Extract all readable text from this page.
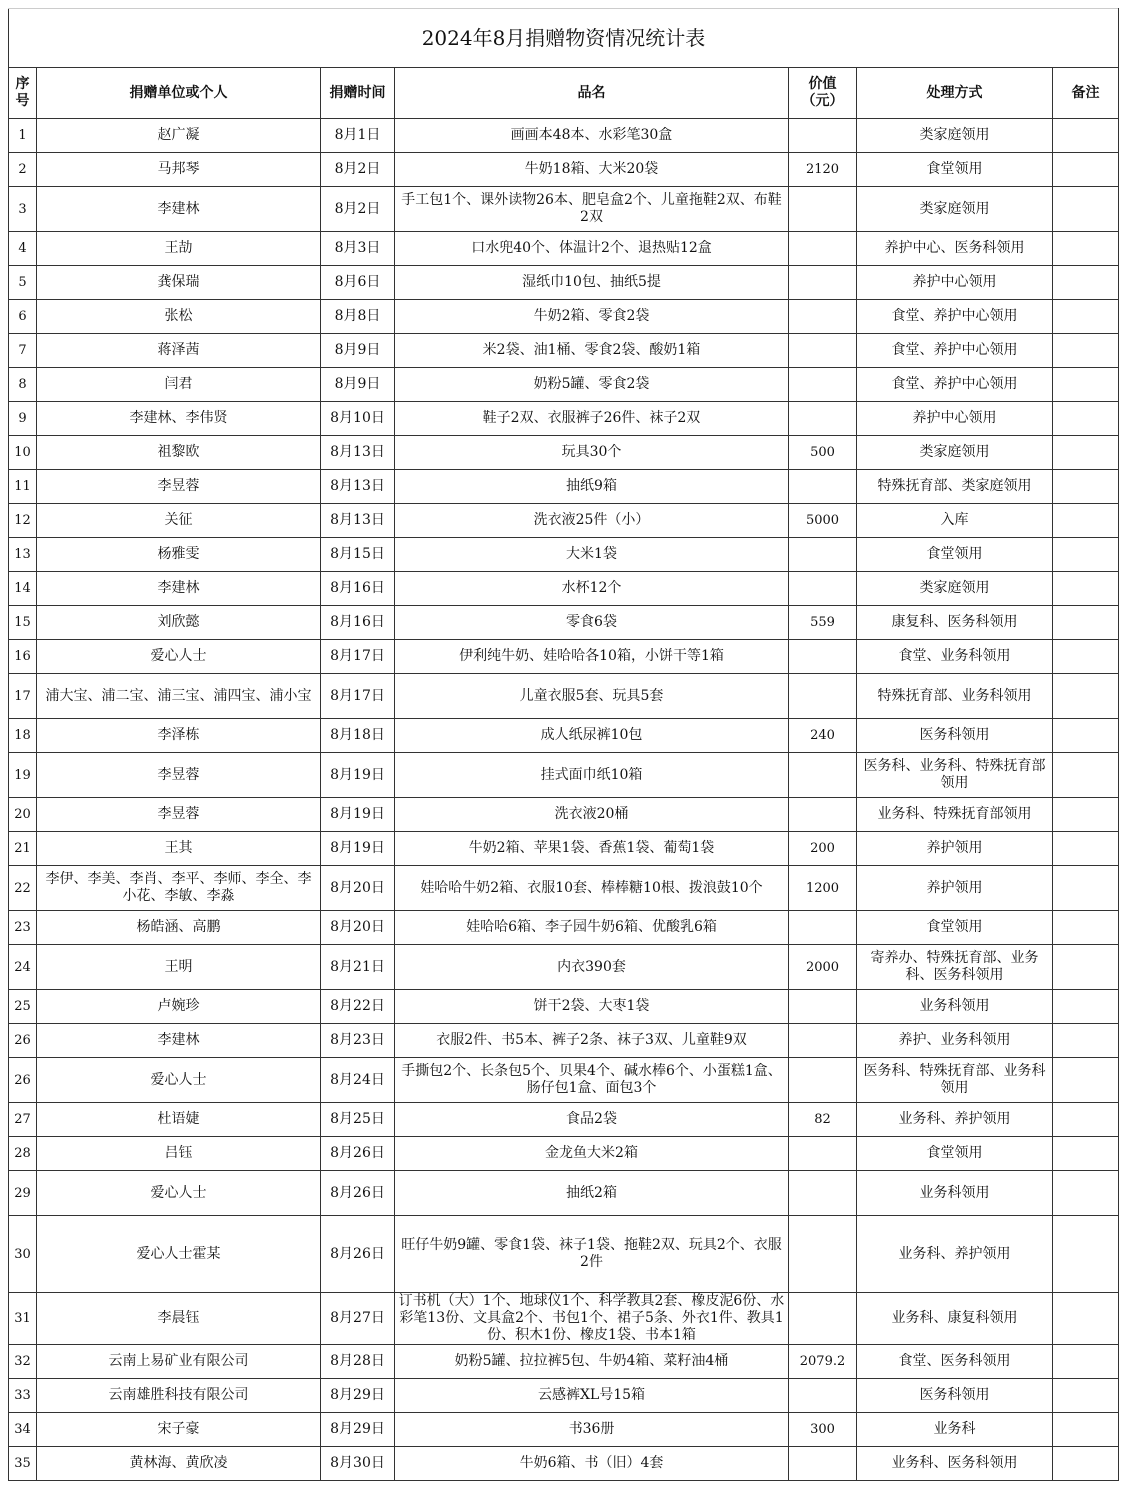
2024年8月捐赠物资情况统计表						
序号	捐赠单位或个人	捐赠时间	品名	价值（元）	处理方式	备注
1	赵广凝	8月1日	画画本48本、水彩笔30盒		类家庭领用	
2	马邦琴	8月2日	牛奶18箱、大米20袋	2120	食堂领用	
3	李建林	8月2日	手工包1个、课外读物26本、肥皂盒2个、儿童拖鞋2双、布鞋2双		类家庭领用	
4	王劼	8月3日	口水兜40个、体温计2个、退热贴12盒		养护中心、医务科领用	
5	龚保瑞	8月6日	湿纸巾10包、抽纸5提		养护中心领用	
6	张松	8月8日	牛奶2箱、零食2袋		食堂、养护中心领用	
7	蒋泽茜	8月9日	米2袋、油1桶、零食2袋、酸奶1箱		食堂、养护中心领用	
8	闫君	8月9日	奶粉5罐、零食2袋		食堂、养护中心领用	
9	李建林、李伟贤	8月10日	鞋子2双、衣服裤子26件、袜子2双		养护中心领用	
10	祖黎欧	8月13日	玩具30个	500	类家庭领用	
11	李昱蓉	8月13日	抽纸9箱		特殊抚育部、类家庭领用	
12	关征	8月13日	洗衣液25件（小）	5000	入库	
13	杨雅雯	8月15日	大米1袋		食堂领用	
14	李建林	8月16日	水杯12个		类家庭领用	
15	刘欣懿	8月16日	零食6袋	559	康复科、医务科领用	
16	爱心人士	8月17日	伊利纯牛奶、娃哈哈各10箱，小饼干等1箱		食堂、业务科领用	
17	浦大宝、浦二宝、浦三宝、浦四宝、浦小宝	8月17日	儿童衣服5套、玩具5套		特殊抚育部、业务科领用	
18	李泽栋	8月18日	成人纸尿裤10包	240	医务科领用	
19	李昱蓉	8月19日	挂式面巾纸10箱		医务科、业务科、特殊抚育部领用	
20	李昱蓉	8月19日	洗衣液20桶		业务科、特殊抚育部领用	
21	王其	8月19日	牛奶2箱、苹果1袋、香蕉1袋、葡萄1袋	200	养护领用	
22	李伊、李美、李肖、李平、李师、李全、李小花、李敏、李淼	8月20日	娃哈哈牛奶2箱、衣服10套、棒棒糖10根、拨浪鼓10个	1200	养护领用	
23	杨皓涵、高鹏	8月20日	娃哈哈6箱、李子园牛奶6箱、优酸乳6箱		食堂领用	
24	王明	8月21日	内衣390套	2000	寄养办、特殊抚育部、业务科、医务科领用	
25	卢婉珍	8月22日	饼干2袋、大枣1袋		业务科领用	
26	李建林	8月23日	衣服2件、书5本、裤子2条、袜子3双、儿童鞋9双		养护、业务科领用	
26	爱心人士	8月24日	手撕包2个、长条包5个、贝果4个、碱水棒6个、小蛋糕1盒、肠仔包1盒、面包3个		医务科、特殊抚育部、业务科领用	
27	杜语婕	8月25日	食品2袋	82	业务科、养护领用	
28	吕钰	8月26日	金龙鱼大米2箱		食堂领用	
29	爱心人士	8月26日	抽纸2箱		业务科领用	
30	爱心人士霍某	8月26日	旺仔牛奶9罐、零食1袋、袜子1袋、拖鞋2双、玩具2个、衣服2件		业务科、养护领用	
31	李晨钰	8月27日	订书机（大）1个、地球仪1个、科学教具2套、橡皮泥6份、水彩笔13份、文具盒2个、书包1个、裙子5条、外衣1件、教具1份、积木1份、橡皮1袋、书本1箱		业务科、康复科领用	
32	云南上易矿业有限公司	8月28日	奶粉5罐、拉拉裤5包、牛奶4箱、菜籽油4桶	2079.2	食堂、医务科领用	
33	云南雄胜科技有限公司	8月29日	云感裤XL号15箱		医务科领用	
34	宋子豪	8月29日	书36册	300	业务科	
35	黄林海、黄欣凌	8月30日	牛奶6箱、书（旧）4套		业务科、医务科领用	
